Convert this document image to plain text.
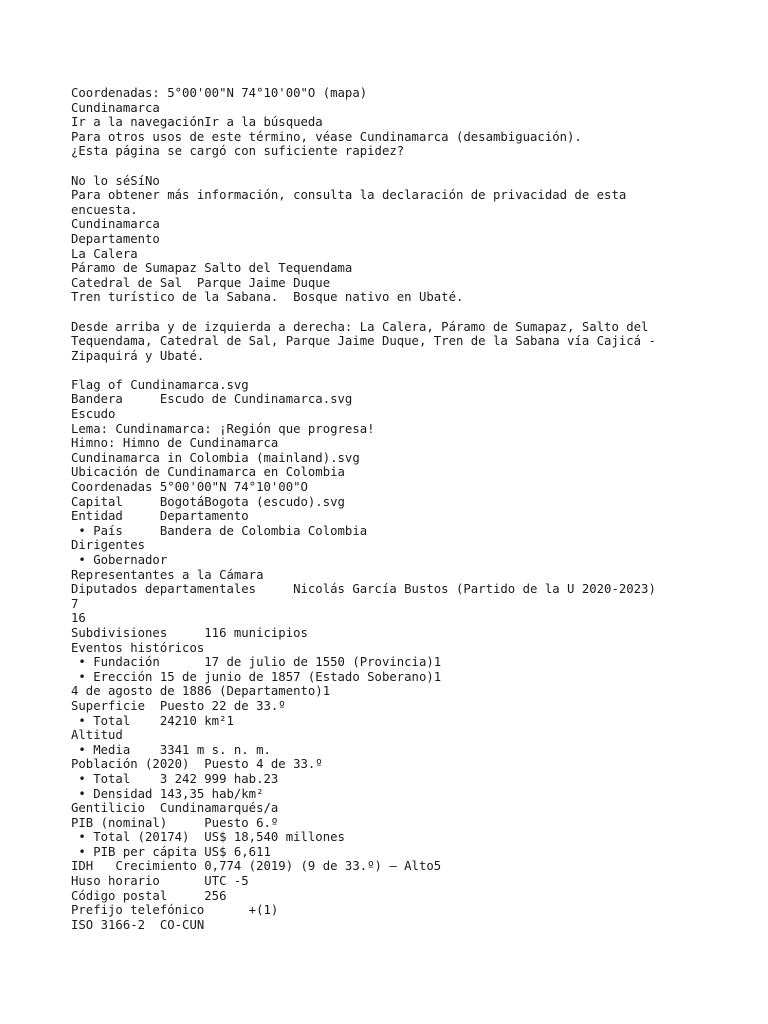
Coordenadas: 5°00'00"N 74°10'00"O (mapa)
Cundinamarca
Ir a la navegaciónIr a la búsqueda
Para otros usos de este término, véase Cundinamarca (desambiguación).
¿Esta página se cargó con suficiente rapidez?
No lo séSíNo
Para obtener más información, consulta la declaración de privacidad de esta
encuesta.
Cundinamarca
Departamento
La Calera
Páramo de Sumapaz Salto del Tequendama
Catedral de Sal  Parque Jaime Duque
Tren turístico de la Sabana.  Bosque nativo en Ubaté.
Desde arriba y de izquierda a derecha: La Calera, Páramo de Sumapaz, Salto del
Tequendama, Catedral de Sal, Parque Jaime Duque, Tren de la Sabana vía Cajicá -
Zipaquirá y Ubaté.
Flag of Cundinamarca.svg
Bandera     Escudo de Cundinamarca.svg
Escudo
Lema: Cundinamarca: ¡Región que progresa!
Himno: Himno de Cundinamarca
Cundinamarca in Colombia (mainland).svg
Ubicación de Cundinamarca en Colombia
Coordenadas 5°00'00"N 74°10'00"O
Capital     BogotáBogota (escudo).svg
Entidad     Departamento
• País     Bandera de Colombia Colombia
Dirigentes
• Gobernador
Representantes a la Cámara
Diputados departamentales     Nicolás García Bustos (Partido de la U 2020-2023)
7
16
Subdivisiones     116 municipios
Eventos históricos
• Fundación      17 de julio de 1550 (Provincia)1
• Erección 15 de junio de 1857 (Estado Soberano)1
4 de agosto de 1886 (Departamento)1
Superficie  Puesto 22 de 33.º
• Total    24210 km²1
Altitud
• Media    3341 m s. n. m.
Población (2020)  Puesto 4 de 33.º
• Total    3 242 999 hab.23
• Densidad 143,35 hab/km²
Gentilicio  Cundinamarqués/a
PIB (nominal)     Puesto 6.º
• Total (20174)  US$ 18,540 millones
• PIB per cápita US$ 6,611
IDH   Crecimiento 0,774 (2019) (9 de 33.º) – Alto5
Huso horario      UTC -5
Código postal     256
Prefijo telefónico      +(1)
ISO 3166-2  CO-CUN
